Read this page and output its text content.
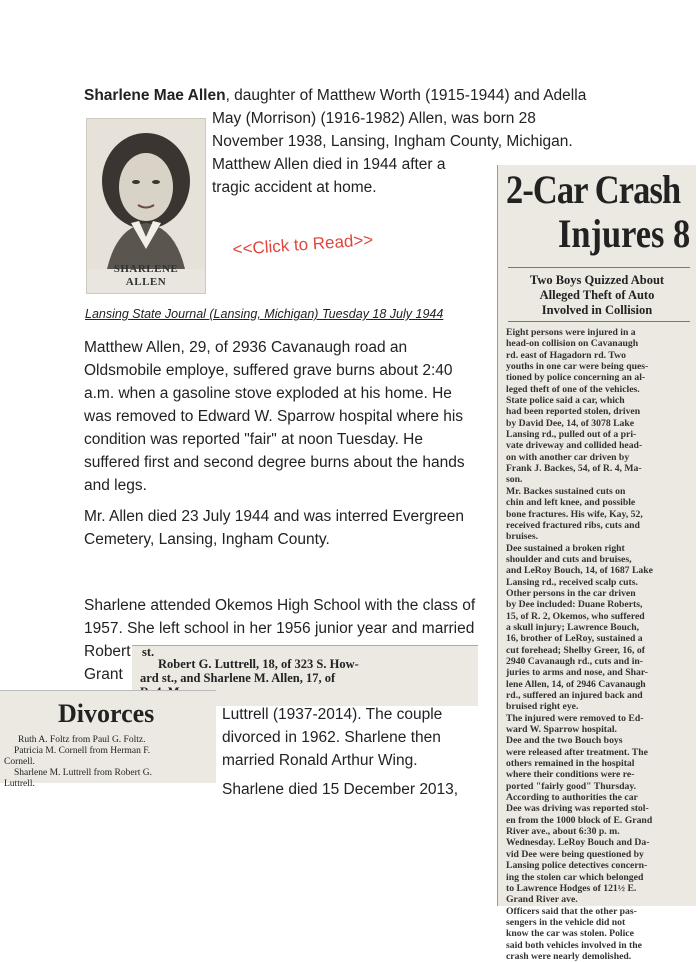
Sharlene Mae Allen, daughter of Matthew Worth (1915-1944) and Adella
May (Morrison) (1916-1982) Allen, was born 28
November 1938, Lansing, Ingham County, Michigan.
Matthew Allen died in 1944 after a
tragic accident at home.
SHARLENE
ALLEN
<<Click to Read>>
Lansing State Journal (Lansing, Michigan) Tuesday 18 July 1944
Matthew Allen, 29, of 2936 Cavanaugh road an
Oldsmobile employe, suffered grave burns about 2:40
a.m. when a gasoline stove exploded at his home. He
was removed to Edward W. Sparrow hospital where his
condition was reported "fair" at noon Tuesday. He
suffered first and second degree burns about the hands
and legs.
Mr. Allen died 23 July 1944 and was interred Evergreen
Cemetery, Lansing, Ingham County.
Sharlene attended Okemos High School with the class of
1957. She left school in her 1956 junior year and married
Robert
Grant
st.
Robert G. Luttrell, 18, of 323 S. How-
ard st., and Sharlene M. Allen, 17, of
Divorces
Ruth A. Foltz from Paul G. Foltz.
Patricia M. Cornell from Herman F.
Cornell.
Sharlene M. Luttrell from Robert G.
Luttrell.
Luttrell (1937-2014). The couple
divorced in 1962. Sharlene then
married Ronald Arthur Wing.
Sharlene died 15 December 2013,
2-Car Crash
Injures 8
Two Boys Quizzed About
Alleged Theft of Auto
Involved in Collision
Eight persons were injured in a
head-on collision on Cavanaugh
rd. east of Hagadorn rd. Two
youths in one car were being ques-
tioned by police concerning an al-
leged theft of one of the vehicles.
State police said a car, which
had been reported stolen, driven
by David Dee, 14, of 3078 Lake
Lansing rd., pulled out of a pri-
vate driveway and collided head-
on with another car driven by
Frank J. Backes, 54, of R. 4, Ma-
son.
Mr. Backes sustained cuts on
chin and left knee, and possible
bone fractures. His wife, Kay, 52,
received fractured ribs, cuts and
bruises.
Dee sustained a broken right
shoulder and cuts and bruises,
and LeRoy Bouch, 14, of 1687 Lake
Lansing rd., received scalp cuts.
Other persons in the car driven
by Dee included: Duane Roberts,
15, of R. 2, Okemos, who suffered
a skull injury; Lawrence Bouch,
16, brother of LeRoy, sustained a
cut forehead; Shelby Greer, 16, of
2940 Cavanaugh rd., cuts and in-
juries to arms and nose, and Shar-
lene Allen, 14, of 2946 Cavanaugh
rd., suffered an injured back and
bruised right eye.
The injured were removed to Ed-
ward W. Sparrow hospital.
Dee and the two Bouch boys
were released after treatment. The
others remained in the hospital
where their conditions were re-
ported "fairly good" Thursday.
According to authorities the car
Dee was driving was reported stol-
en from the 1000 block of E. Grand
River ave., about 6:30 p. m.
Wednesday. LeRoy Bouch and Da-
vid Dee were being questioned by
Lansing police detectives concern-
ing the stolen car which belonged
to Lawrence Hodges of 121½ E.
Grand River ave.
Officers said that the other pas-
sengers in the vehicle did not
know the car was stolen. Police
said both vehicles involved in the
crash were nearly demolished.
